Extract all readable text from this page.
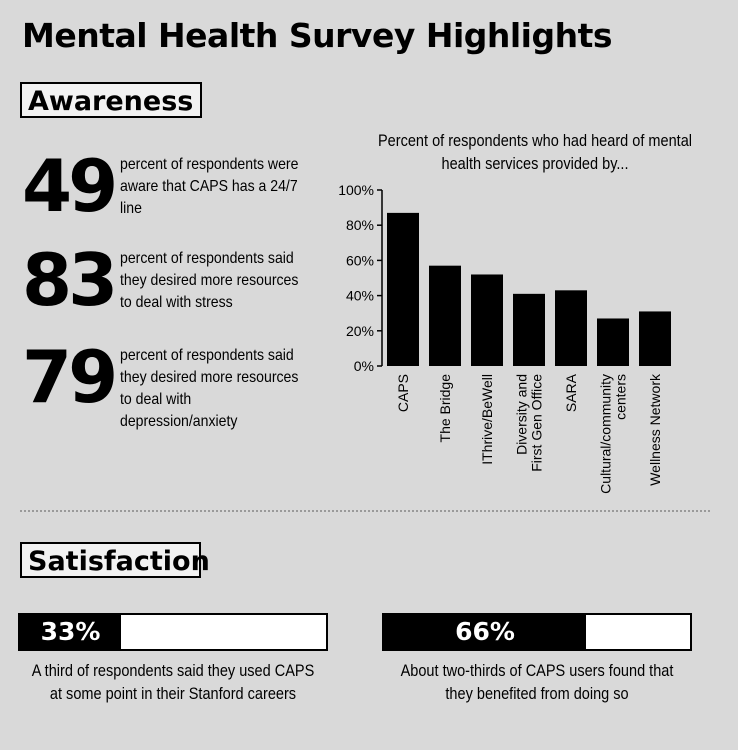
Mental Health Survey Highlights
Awareness
49 percent of respondents were aware that CAPS has a 24/7 line
83 percent of respondents said they desired more resources to deal with stress
79 percent of respondents said they desired more resources to deal with depression/anxiety
Percent of respondents who had heard of mental health services provided by...
0%
20%
40%
60%
80%
100%
CAPS The Bridge IThrive/BeWell Diversity andFirst Gen Office SARA Cultural/communitycenters Wellness Network
Satisfaction
33%
A third of respondents said they used CAPS at some point in their Stanford careers
66%
About two-thirds of CAPS users found that they benefited from doing so
